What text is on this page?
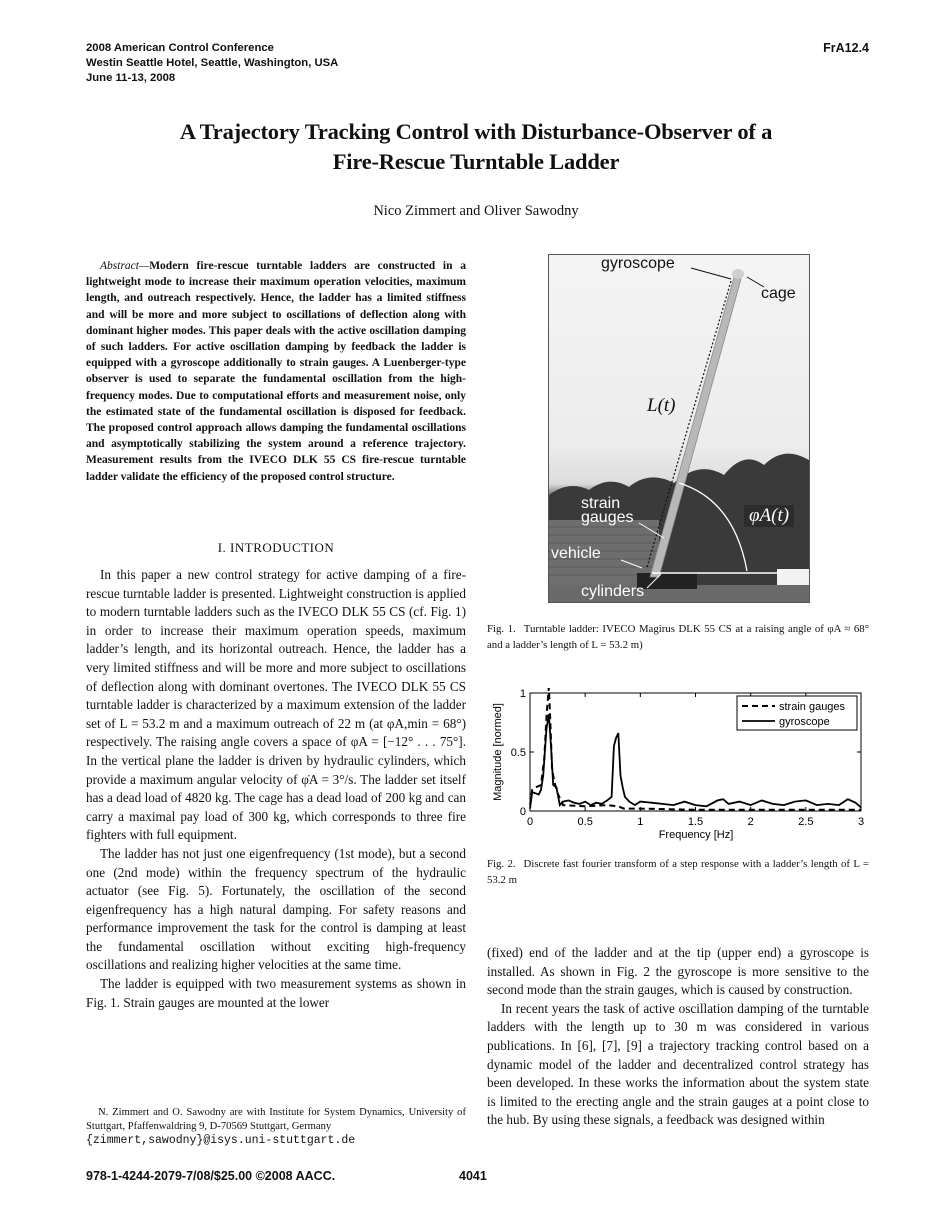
2008 American Control Conference
Westin Seattle Hotel, Seattle, Washington, USA
June 11-13, 2008
FrA12.4
A Trajectory Tracking Control with Disturbance-Observer of a
Fire-Rescue Turntable Ladder
Nico Zimmert and Oliver Sawodny
Abstract—Modern fire-rescue turntable ladders are constructed in a lightweight mode to increase their maximum operation velocities, maximum length, and outreach respectively. Hence, the ladder has a limited stiffness and will be more and more subject to oscillations of deflection along with dominant higher modes. This paper deals with the active oscillation damping of such ladders. For active oscillation damping by feedback the ladder is equipped with a gyroscope additionally to strain gauges. A Luenberger-type observer is used to separate the fundamental oscillation from the high-frequency modes. Due to computational efforts and measurement noise, only the estimated state of the fundamental oscillation is disposed for feedback. The proposed control approach allows damping the fundamental oscillations and asymptotically stabilizing the system around a reference trajectory. Measurement results from the IVECO DLK 55 CS fire-rescue turntable ladder validate the efficiency of the proposed control structure.
I. INTRODUCTION

In this paper a new control strategy for active damping of a fire-rescue turntable ladder is presented. Lightweight construction is applied to modern turntable ladders such as the IVECO DLK 55 CS (cf. Fig. 1) in order to increase their maximum operation speeds, maximum ladder’s length, and its horizontal outreach. Hence, the ladder has a very limited stiffness and will be more and more subject to oscillations of deflection along with dominant overtones. The IVECO DLK 55 CS turntable ladder is characterized by a maximum extension of the ladder set of L = 53.2 m and a maximum outreach of 22 m (at φA,min = 68°) respectively. The raising angle covers a space of φA = [−12° . . . 75°]. In the vertical plane the ladder is driven by hydraulic cylinders, which provide a maximum angular velocity of φ̇A = 3°/s. The ladder set itself has a dead load of 4820 kg. The cage has a dead load of 200 kg and can carry a maximal pay load of 300 kg, which corresponds to three fire fighters with full equipment.

The ladder has not just one eigenfrequency (1st mode), but a second one (2nd mode) within the frequency spectrum of the hydraulic actuator (see Fig. 5). Fortunately, the oscillation of the second eigenfrequency has a high natural damping. For safety reasons and performance improvement the task for the control is damping at least the fundamental oscillation without exciting high-frequency oscillations and realizing higher velocities at the same time.

The ladder is equipped with two measurement systems as shown in Fig. 1. Strain gauges are mounted at the lower

N. Zimmert and O. Sawodny are with Institute for System Dynamics, University of Stuttgart, Pfaffenwaldring 9, D-70569 Stuttgart, Germany

{zimmert,sawodny}@isys.uni-stuttgart.de
978-1-4244-2079-7/08/$25.00 ©2008 AACC.	4041
gyroscope
cage
L(t)
strain
gauges	φA(t)
vehicle
cylinders
Fig. 1. Turntable ladder: IVECO Magirus DLK 55 CS at a raising angle of φA ≈ 68° and a ladder’s length of L = 53.2 m)
0
0.5
1
0	0.5	1	1.5	2	2.5	3
strain gauges
gyroscope
Frequency [Hz]
Magnitude [normed]
Fig. 2. Discrete fast fourier transform of a step response with a ladder’s length of L = 53.2 m

(fixed) end of the ladder and at the tip (upper end) a gyroscope is installed. As shown in Fig. 2 the gyroscope is more sensitive to the second mode than the strain gauges, which is caused by construction.

In recent years the task of active oscillation damping of the turntable ladders with the length up to 30 m was considered in various publications. In [6], [7], [9] a trajectory tracking control based on a dynamic model of the ladder and decentralized control strategy has been developed. In these works the information about the system state is limited to the erecting angle and the strain gauges at a point close to the hub. By using these signals, a feedback was designed within
